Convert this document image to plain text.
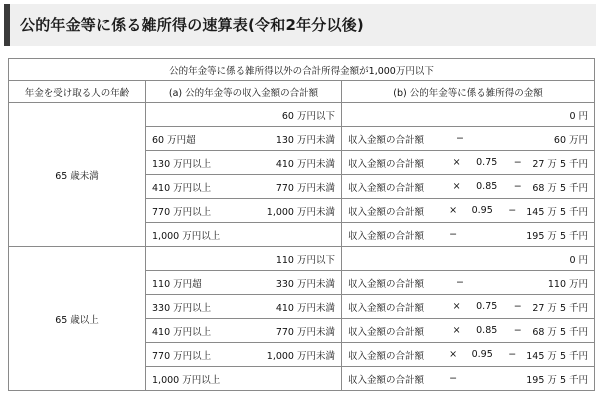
公的年金等に係る雑所得の速算表(令和2年分以後)
公的年金等に係る雑所得以外の合計所得金額が1,000万円以下		
年金を受け取る人の年齢	(a) 公的年金等の収入金額の合計額	(b) 公的年金等に係る雑所得の金額
65 歳未満	60 万円以下	0 円

	60 万円超 130 万円未満	収入金額の合計額 − 60 万円

	130 万円以上 410 万円未満	収入金額の合計額 × 0.75 − 27 万 5 千円

	410 万円以上 770 万円未満	収入金額の合計額 × 0.85 − 68 万 5 千円

	770 万円以上 1,000 万円未満	収入金額の合計額 × 0.95 − 145 万 5 千円

	1,000 万円以上	収入金額の合計額 − 195 万 5 千円

65 歳以上	110 万円以下	0 円

	110 万円超 330 万円未満	収入金額の合計額 − 110 万円

	330 万円以上 410 万円未満	収入金額の合計額 × 0.75 − 27 万 5 千円

	410 万円以上 770 万円未満	収入金額の合計額 × 0.85 − 68 万 5 千円

	770 万円以上 1,000 万円未満	収入金額の合計額 × 0.95 − 145 万 5 千円

	1,000 万円以上	収入金額の合計額 − 195 万 5 千円
